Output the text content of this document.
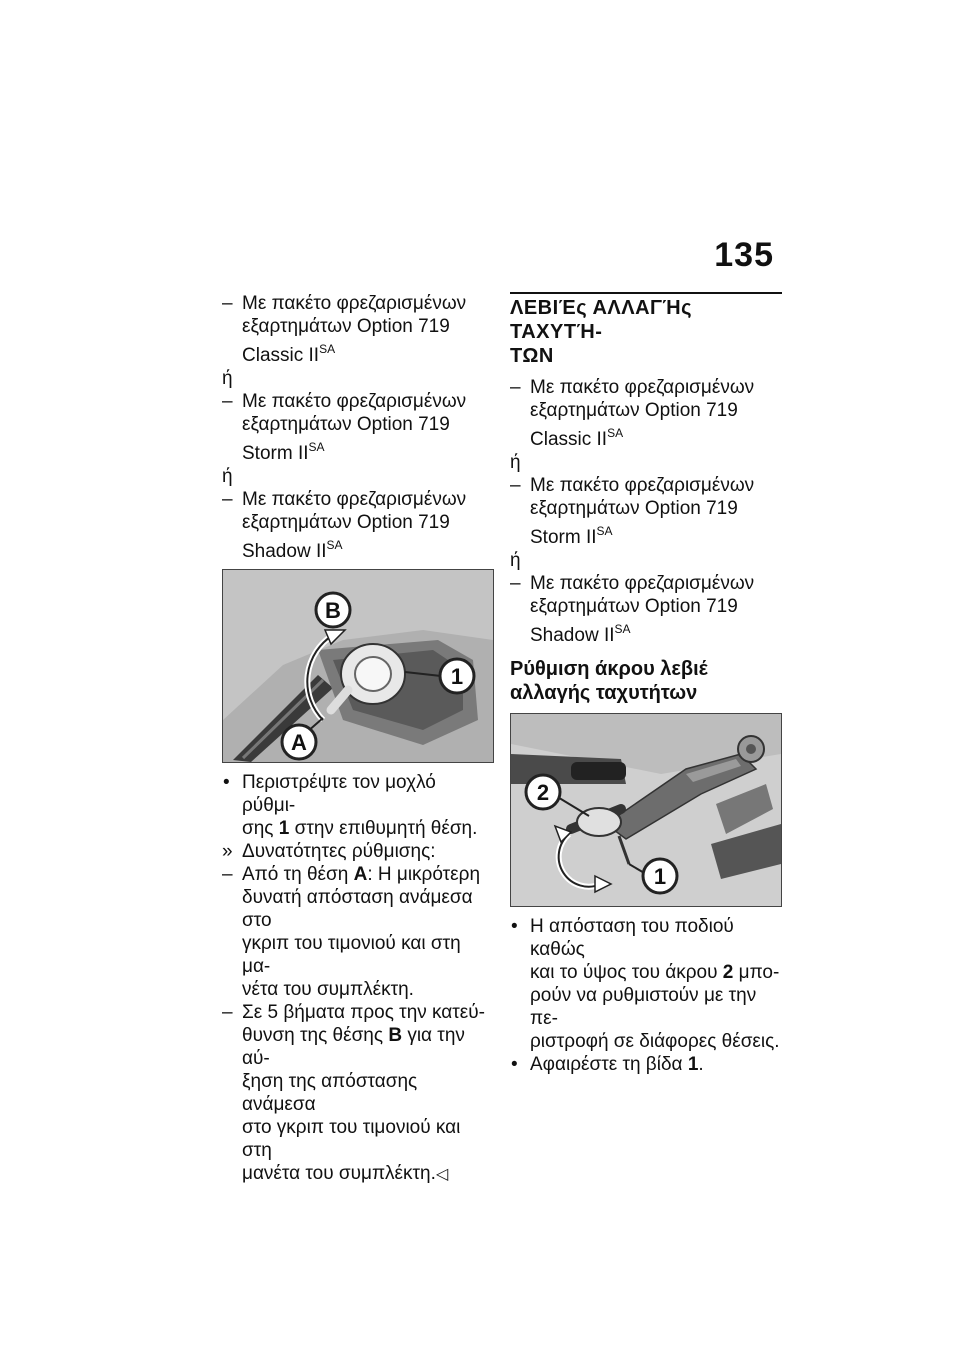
135
– Με πακέτο φρεζαρισμένων
εξαρτημάτων Option 719
Classic $II^{SA}$
ή
– Με πακέτο φρεζαρισμένων
εξαρτημάτων Option 719
Storm $II^{SA}$
ή
– Με πακέτο φρεζαρισμένων
εξαρτημάτων Option 719
Shadow $II^{SA}$
B
1
A
• Περιστρέψτε τον μοχλό ρύθμι-
σης 1 στην επιθυμητή θέση.
» Δυνατότητες ρύθμισης:
– Από τη θέση A: Η μικρότερη
δυνατή απόσταση ανάμεσα στο
γκριπ του τιμονιού και στη μα-
νέτα του συμπλέκτη.
– Σε 5 βήματα προς την κατεύ-
θυνση της θέσης B για την αύ-
ξηση της απόστασης ανάμεσα
στο γκριπ του τιμονιού και στη
μανέτα του συμπλέκτη.◁
ΛΕΒΙΈς ΑΛΛΑΓΉς ΤΑΧΥΤΉ-
ΤΩΝ
– Με πακέτο φρεζαρισμένων
εξαρτημάτων Option 719
Classic $II^{SA}$
ή
– Με πακέτο φρεζαρισμένων
εξαρτημάτων Option 719
Storm $II^{SA}$
ή
– Με πακέτο φρεζαρισμένων
εξαρτημάτων Option 719
Shadow $II^{SA}$
Ρύθμιση άκρου λεβιέ
αλλαγής ταχυτήτων
2
1
• Η απόσταση του ποδιού καθώς
και το ύψος του άκρου 2 μπο-
ρούν να ρυθμιστούν με την πε-
ριστροφή σε διάφορες θέσεις.
• Αφαιρέστε τη βίδα 1.
